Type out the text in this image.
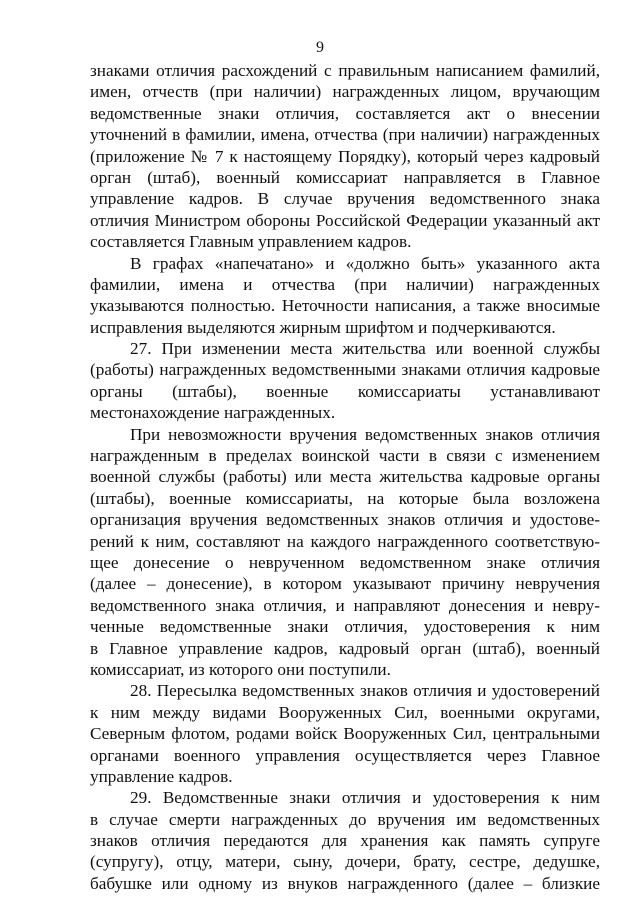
9
знаками отличия расхождений с правильным написанием фамилий,
имен, отчеств (при наличии) награжденных лицом, вручающим
ведомственные знаки отличия, составляется акт о внесении
уточнений в фамилии, имена, отчества (при наличии) награжденных
(приложение № 7 к настоящему Порядку), который через кадровый
орган (штаб), военный комиссариат направляется в Главное
управление кадров. В случае вручения ведомственного знака
отличия Министром обороны Российской Федерации указанный акт
составляется Главным управлением кадров.
В графах «напечатано» и «должно быть» указанного акта
фамилии, имена и отчества (при наличии) награжденных
указываются полностью. Неточности написания, а также вносимые
исправления выделяются жирным шрифтом и подчеркиваются.
27. При изменении места жительства или военной службы
(работы) награжденных ведомственными знаками отличия кадровые
органы (штабы), военные комиссариаты устанавливают
местонахождение награжденных.
При невозможности вручения ведомственных знаков отличия
награжденным в пределах воинской части в связи с изменением
военной службы (работы) или места жительства кадровые органы
(штабы), военные комиссариаты, на которые была возложена
организация вручения ведомственных знаков отличия и удостове-
рений к ним, составляют на каждого награжденного соответствую-
щее донесение о неврученном ведомственном знаке отличия
(далее – донесение), в котором указывают причину невручения
ведомственного знака отличия, и направляют донесения и невру-
ченные ведомственные знаки отличия, удостоверения к ним
в Главное управление кадров, кадровый орган (штаб), военный
комиссариат, из которого они поступили.
28. Пересылка ведомственных знаков отличия и удостоверений
к ним между видами Вооруженных Сил, военными округами,
Северным флотом, родами войск Вооруженных Сил, центральными
органами военного управления осуществляется через Главное
управление кадров.
29. Ведомственные знаки отличия и удостоверения к ним
в случае смерти награжденных до вручения им ведомственных
знаков отличия передаются для хранения как память супруге
(супругу), отцу, матери, сыну, дочери, брату, сестре, дедушке,
бабушке или одному из внуков награжденного (далее – близкие
